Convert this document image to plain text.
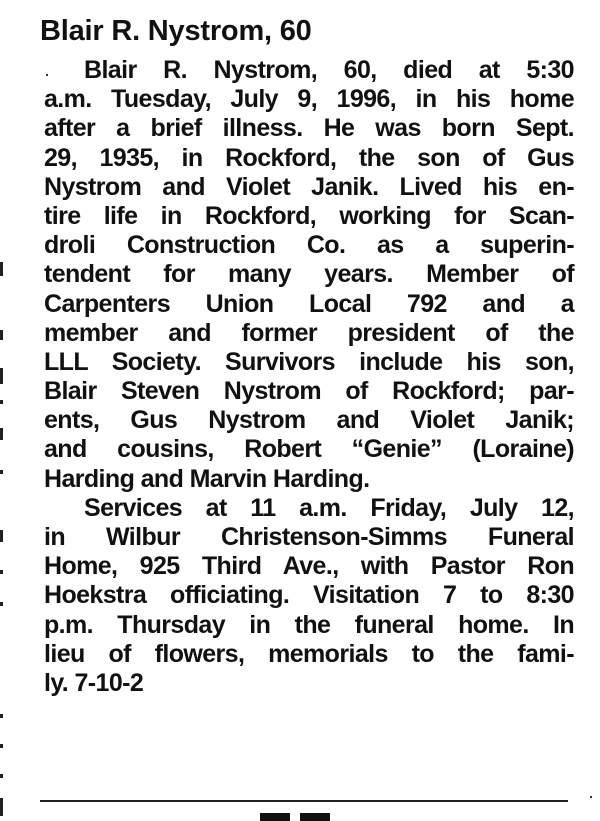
Blair R. Nystrom, 60
Blair R. Nystrom, 60, died at 5:30
a.m. Tuesday, July 9, 1996, in his home
after a brief illness. He was born Sept.
29, 1935, in Rockford, the son of Gus
Nystrom and Violet Janik. Lived his en-
tire life in Rockford, working for Scan-
droli Construction Co. as a superin-
tendent for many years. Member of
Carpenters Union Local 792 and a
member and former president of the
LLL Society. Survivors include his son,
Blair Steven Nystrom of Rockford; par-
ents, Gus Nystrom and Violet Janik;
and cousins, Robert “Genie” (Loraine)
Harding and Marvin Harding.
Services at 11 a.m. Friday, July 12,
in Wilbur Christenson-Simms Funeral
Home, 925 Third Ave., with Pastor Ron
Hoekstra officiating. Visitation 7 to 8:30
p.m. Thursday in the funeral home. In
lieu of flowers, memorials to the fami-
ly. 7-10-2
